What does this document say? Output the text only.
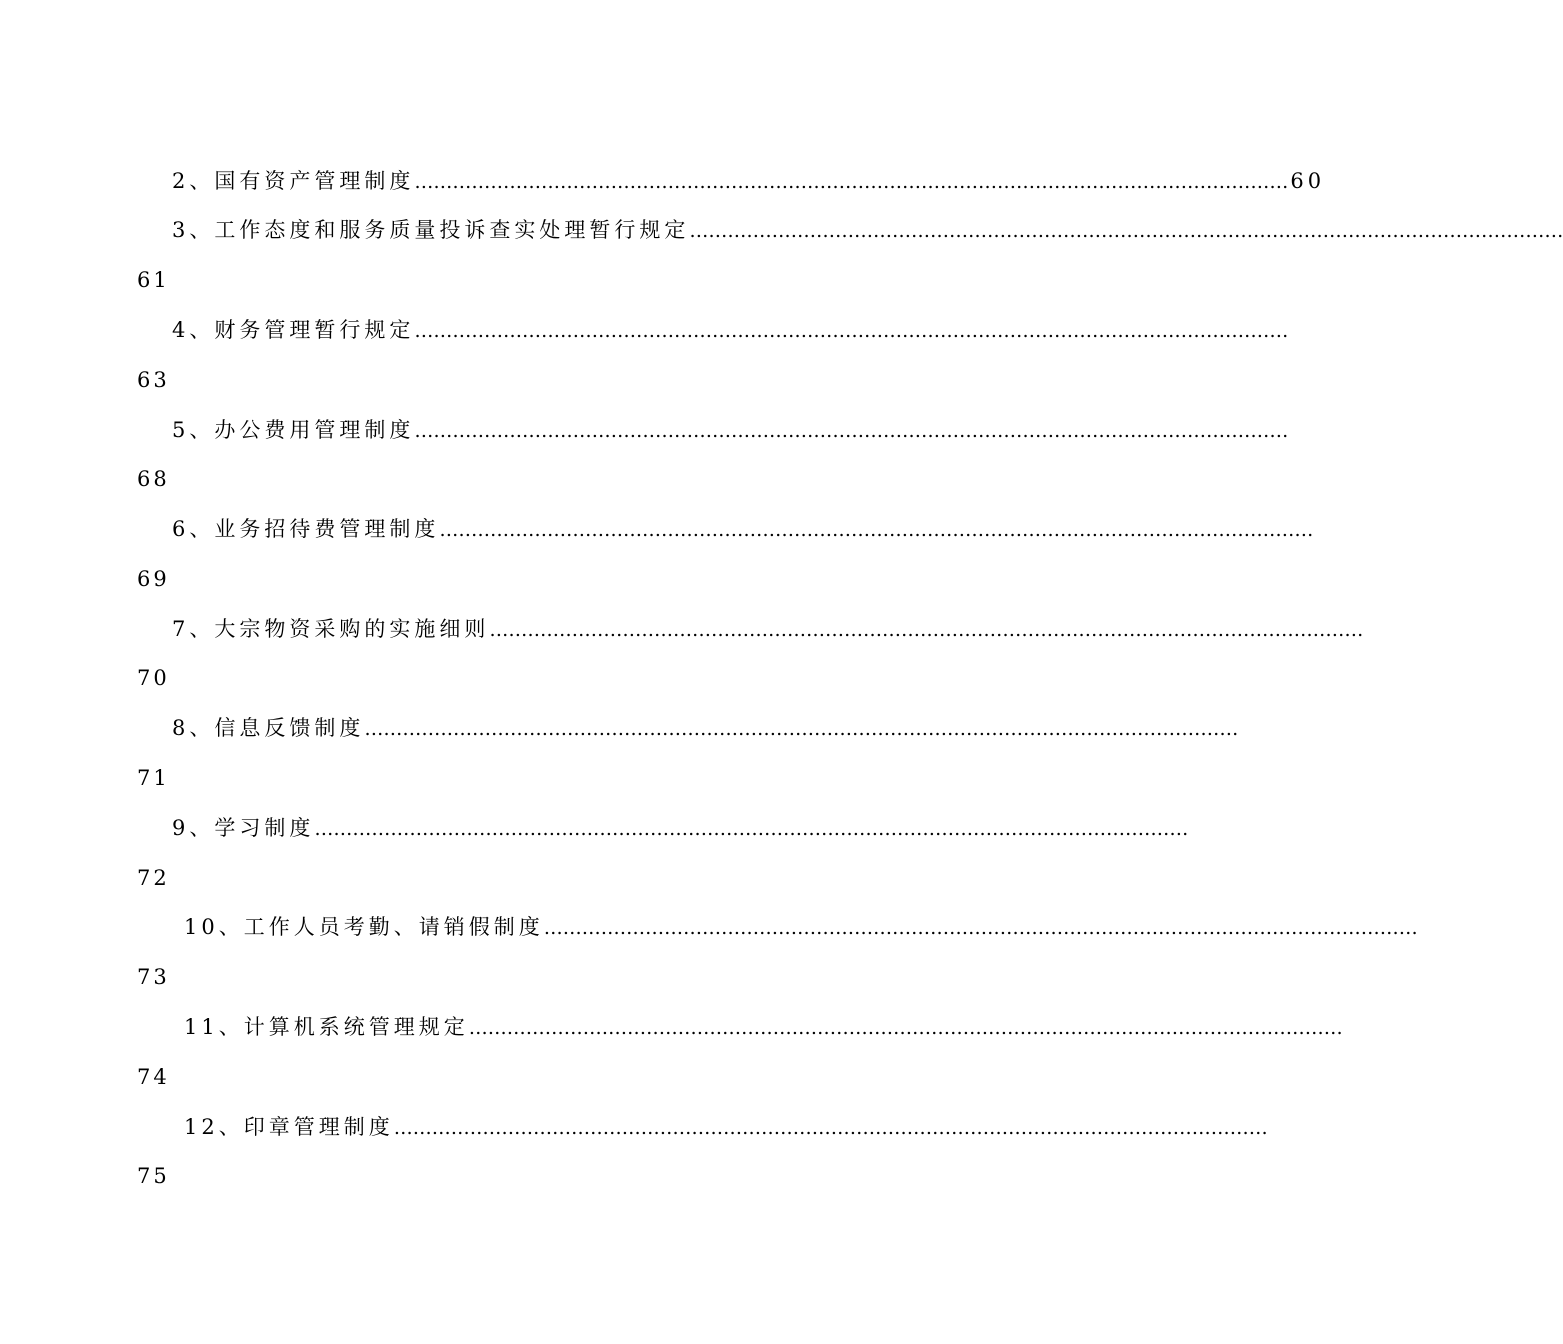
2、国有资产管理制度 ………………………………………………………………………………………………………………………… 60
3、工作态度和服务质量投诉查实处理暂行规定 …………………………………………………………………………………………………………………………
61
4、财务管理暂行规定 …………………………………………………………………………………………………………………………
63
5、办公费用管理制度 …………………………………………………………………………………………………………………………
68
6、业务招待费管理制度 …………………………………………………………………………………………………………………………
69
7、大宗物资采购的实施细则 …………………………………………………………………………………………………………………………
70
8、信息反馈制度 …………………………………………………………………………………………………………………………
71
9、学习制度 …………………………………………………………………………………………………………………………
72
10、工作人员考勤、请销假制度 …………………………………………………………………………………………………………………………
73
11、计算机系统管理规定 …………………………………………………………………………………………………………………………
74
12、印章管理制度 …………………………………………………………………………………………………………………………
75
